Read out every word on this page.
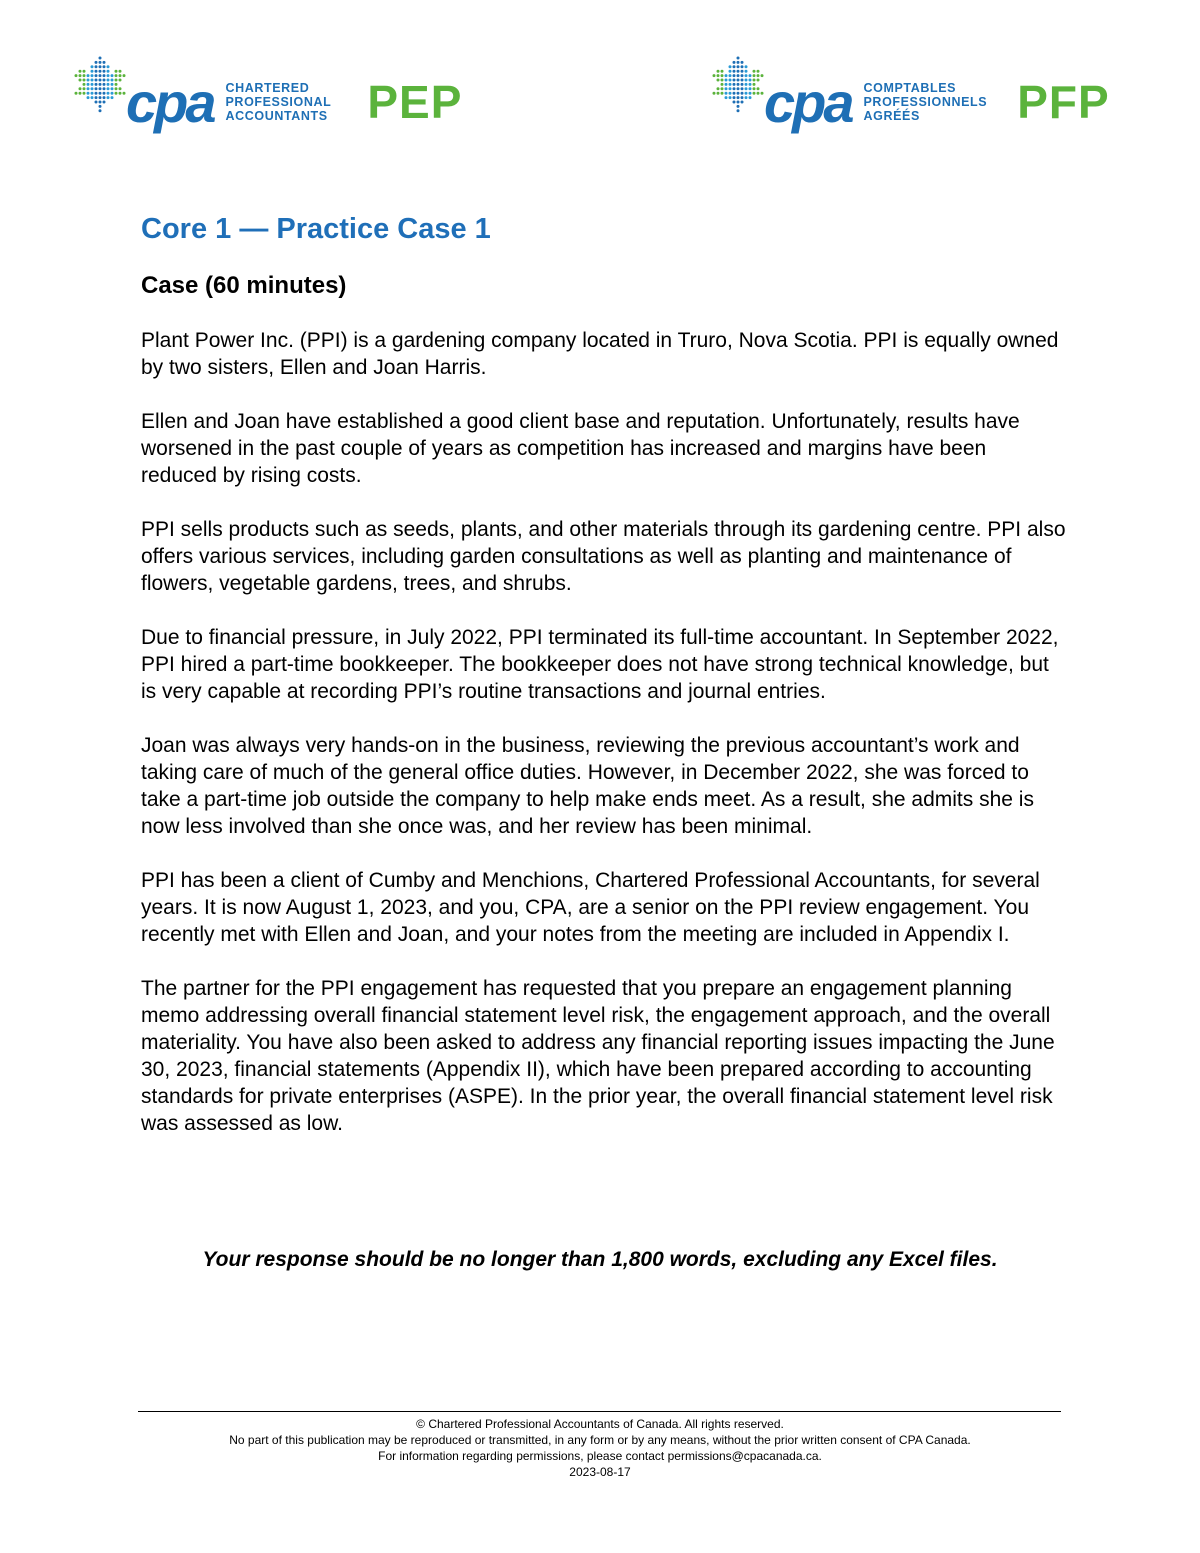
cpa CHARTERED
PROFESSIONAL
ACCOUNTANTS PEP	cpa COMPTABLES
PROFESSIONNELS
AGRÉÉS	PFP
Core 1 — Practice Case 1
Case (60 minutes)

Plant Power Inc. (PPI) is a gardening company located in Truro, Nova Scotia. PPI is equally owned by two sisters, Ellen and Joan Harris.

Ellen and Joan have established a good client base and reputation. Unfortunately, results have worsened in the past couple of years as competition has increased and margins have been reduced by rising costs.

PPI sells products such as seeds, plants, and other materials through its gardening centre. PPI also offers various services, including garden consultations as well as planting and maintenance of flowers, vegetable gardens, trees, and shrubs.

Due to financial pressure, in July 2022, PPI terminated its full-time accountant. In September 2022, PPI hired a part-time bookkeeper. The bookkeeper does not have strong technical knowledge, but is very capable at recording PPI’s routine transactions and journal entries.

Joan was always very hands-on in the business, reviewing the previous accountant’s work and taking care of much of the general office duties. However, in December 2022, she was forced to take a part-time job outside the company to help make ends meet. As a result, she admits she is now less involved than she once was, and her review has been minimal.

PPI has been a client of Cumby and Menchions, Chartered Professional Accountants, for several years. It is now August 1, 2023, and you, CPA, are a senior on the PPI review engagement. You recently met with Ellen and Joan, and your notes from the meeting are included in Appendix I.

The partner for the PPI engagement has requested that you prepare an engagement planning memo addressing overall financial statement level risk, the engagement approach, and the overall materiality. You have also been asked to address any financial reporting issues impacting the June 30, 2023, financial statements (Appendix II), which have been prepared according to accounting standards for private enterprises (ASPE). In the prior year, the overall financial statement level risk was assessed as low.

Your response should be no longer than 1,800 words, excluding any Excel files.

© Chartered Professional Accountants of Canada. All rights reserved.
No part of this publication may be reproduced or transmitted, in any form or by any means, without the prior written consent of CPA Canada.
For information regarding permissions, please contact permissions@cpacanada.ca.
2023-08-17
